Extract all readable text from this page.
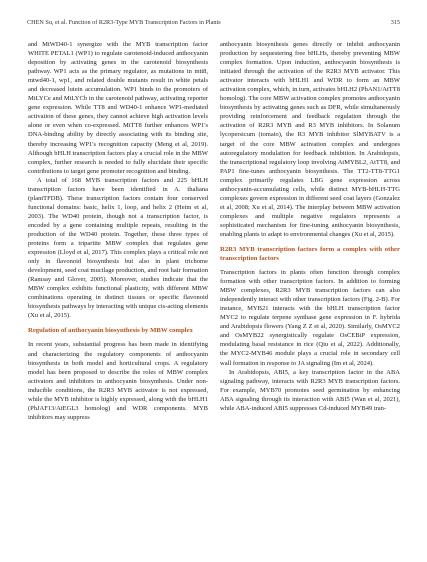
CHEN Su, et al. Function of R2R3-Type MYB Transcription Factors in Plants	315

and MtWD40-1 synergize with the MYB transcription factor WHITE PETAL1 (WP1) to regulate carotenoid-induced anthocyanin deposition by activating genes in the carotenoid biosynthesis pathway. WP1 acts as the primary regulator, as mutations in mtt8, mtwd40-1, wp1, and related double mutants result in white petals and decreased lutein accumulation. WP1 binds to the promoters of MtLYCe and MtLYCb in the carotenoid pathway, activating reporter gene expression. While TT8 and WD40-1 enhance WP1-mediated activation of these genes, they cannot achieve high activation levels alone or even when co-expressed. MtTT8 further enhances WP1's DNA-binding ability by directly associating with its binding site, thereby increasing WP1's recognition capacity (Meng et al, 2019). Although bHLH transcription factors play a crucial role in the MBW complex, further research is needed to fully elucidate their specific contributions to target gene promoter recognition and binding.

A total of 168 MYB transcription factors and 225 bHLH transcription factors have been identified in A. thaliana (plantTFDB). These transcription factors contain four conserved functional domains: basic, helix 1, loop, and helix 2 (Heim et al, 2003). The WD40 protein, though not a transcription factor, is encoded by a gene containing multiple repeats, resulting in the production of the WD40 protein. Together, these three types of proteins form a tripartite MBW complex that regulates gene expression (Lloyd et al, 2017). This complex plays a critical role not only in flavonoid biosynthesis but also in plant trichome development, seed coat mucilage production, and root hair formation (Ramsay and Glover, 2005). Moreover, studies indicate that the MBW complex exhibits functional plasticity, with different MBW combinations operating in distinct tissues or specific flavonoid biosynthesis pathways by interacting with unique cis-acting elements (Xu et al, 2015).

Regulation of anthocyanin biosynthesis by MBW complex

In recent years, substantial progress has been made in identifying and characterizing the regulatory components of anthocyanin biosynthesis in both model and horticultural crops. A regulatory model has been proposed to describe the roles of MBW complex activators and inhibitors in anthocyanin biosynthesis. Under non-inducible conditions, the R2R3 MYB activator is not expressed, while the MYB inhibitor is highly expressed, along with the bHLH1 (PhJAF13/AtEGL3 homolog) and WDR components. MYB inhibitors may suppress

anthocyanin biosynthesis genes directly or inhibit anthocyanin production by sequestering free bHLHs, thereby preventing MBW complex formation. Upon induction, anthocyanin biosynthesis is initiated through the activation of the R2R3 MYB activator. This activator interacts with bHLH1 and WDR to form an MBW activation complex, which, in turn, activates bHLH2 (PhAN1/AtTT8 homolog). The core MBW activation complex promotes anthocyanin biosynthesis by activating genes such as DFR, while simultaneously providing reinforcement and feedback regulation through the activation of R2R3 MYB and R3 MYB inhibitors. In Solanum lycopersicum (tomato), the R3 MYB inhibitor SlMYBATV is a target of the core MBW activation complex and undergoes autoregulatory modulation for feedback inhibition. In Arabidopsis, the transcriptional regulatory loop involving AtMYBL2, AtTT8, and PAP1 fine-tunes anthocyanin biosynthesis. The TT2-TT8-TTG1 complex primarily regulates LBG gene expression across anthocyanin-accumulating cells, while distinct MYB-bHLH-TTG complexes govern expression in different seed coat layers (Gonzalez et al, 2008; Xu et al, 2014). The interplay between MBW activation complexes and multiple negative regulators represents a sophisticated mechanism for fine-tuning anthocyanin biosynthesis, enabling plants to adapt to environmental changes (Xu et al, 2015).

R2R3 MYB transcription factors form a complex with other transcription factors

Transcription factors in plants often function through complex formation with other transcription factors. In addition to forming MBW complexes, R2R3 MYB transcription factors can also independently interact with other transcription factors (Fig. 2-B). For instance, MYB21 interacts with the bHLH transcription factor MYC2 to regulate terpene synthase gene expression in F. hybrida and Arabidopsis flowers (Yang Z Z et al, 2020). Similarly, OsMYC2 and OsMYB22 synergistically regulate OsCEBiP expression, modulating basal resistance in rice (Qiu et al, 2022). Additionally, the MYC2-MYB46 module plays a crucial role in secondary cell wall formation in response to JA signaling (Im et al, 2024).

In Arabidopsis, ABI5, a key transcription factor in the ABA signaling pathway, interacts with R2R3 MYB transcription factors. For example, MYB70 promotes seed germination by enhancing ABA signaling through its interaction with ABI5 (Wan et al, 2021), while ABA-induced ABI5 suppresses Cd-induced MYB49 tran-
